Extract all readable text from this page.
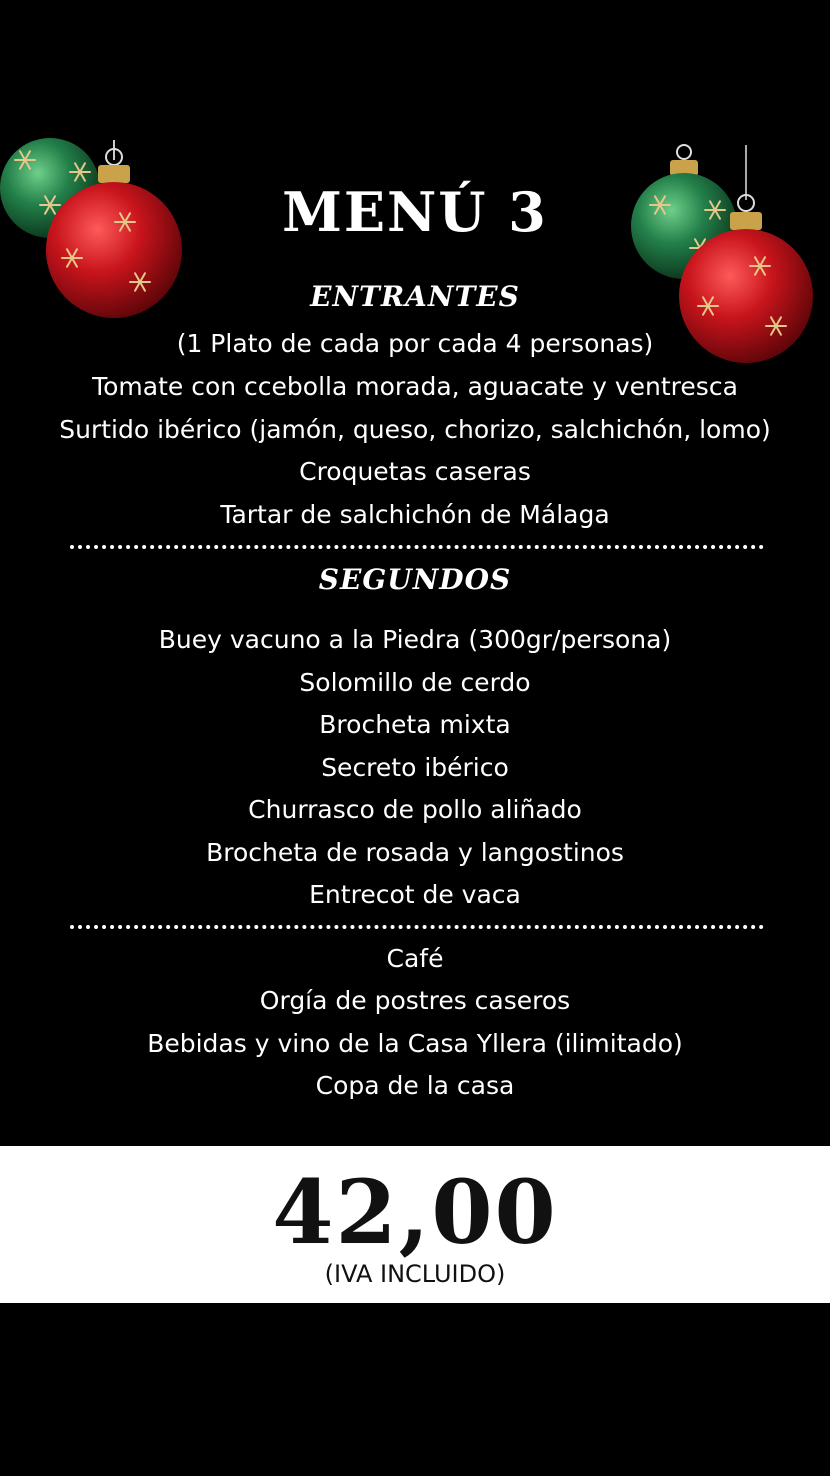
MENÚ 3
ENTRANTES
(1 Plato de cada por cada 4 personas)
Tomate con ccebolla morada, aguacate y ventresca
Surtido ibérico (jamón, queso, chorizo, salchichón, lomo)
Croquetas caseras
Tartar de salchichón de Málaga
SEGUNDOS
Buey vacuno a la Piedra (300gr/persona)
Solomillo de cerdo
Brocheta mixta
Secreto ibérico
Churrasco de pollo aliñado
Brocheta de rosada y langostinos
Entrecot de vaca
Café
Orgía de postres caseros
Bebidas y vino de la Casa Yllera (ilimitado)
Copa de la casa
42,00
(IVA INCLUIDO)
